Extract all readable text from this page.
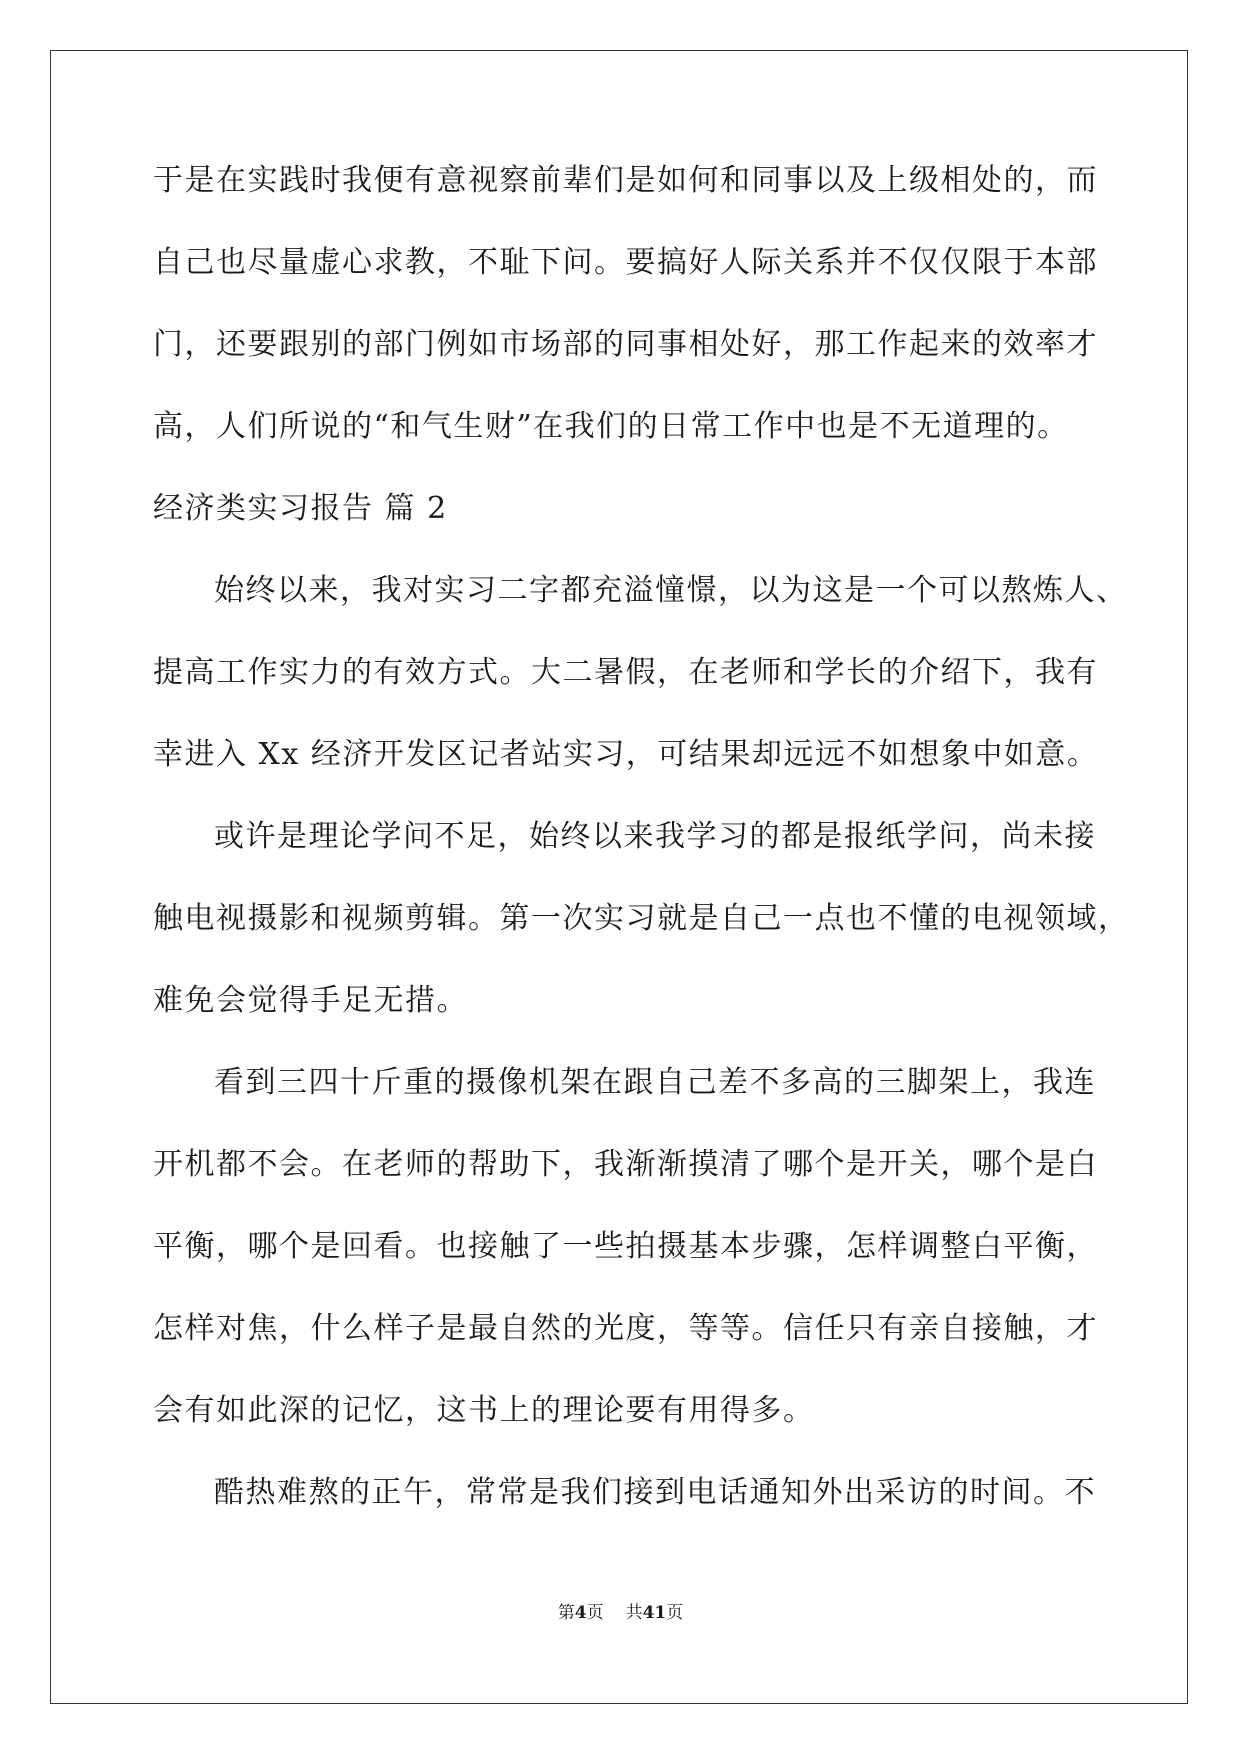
于是在实践时我便有意视察前辈们是如何和同事以及上级相处的，而
自己也尽量虚心求教，不耻下问。要搞好人际关系并不仅仅限于本部
门，还要跟别的部门例如市场部的同事相处好，那工作起来的效率才
高，人们所说的“和气生财”在我们的日常工作中也是不无道理的。
经济类实习报告 篇 2
始终以来，我对实习二字都充溢憧憬，以为这是一个可以熬炼人、
提高工作实力的有效方式。大二暑假，在老师和学长的介绍下，我有
幸进入 Xx 经济开发区记者站实习，可结果却远远不如想象中如意。
或许是理论学问不足，始终以来我学习的都是报纸学问，尚未接
触电视摄影和视频剪辑。第一次实习就是自己一点也不懂的电视领域，
难免会觉得手足无措。
看到三四十斤重的摄像机架在跟自己差不多高的三脚架上，我连
开机都不会。在老师的帮助下，我渐渐摸清了哪个是开关，哪个是白
平衡，哪个是回看。也接触了一些拍摄基本步骤，怎样调整白平衡，
怎样对焦，什么样子是最自然的光度，等等。信任只有亲自接触，才
会有如此深的记忆，这书上的理论要有用得多。
酷热难熬的正午，常常是我们接到电话通知外出采访的时间。不
第4页 共41页
